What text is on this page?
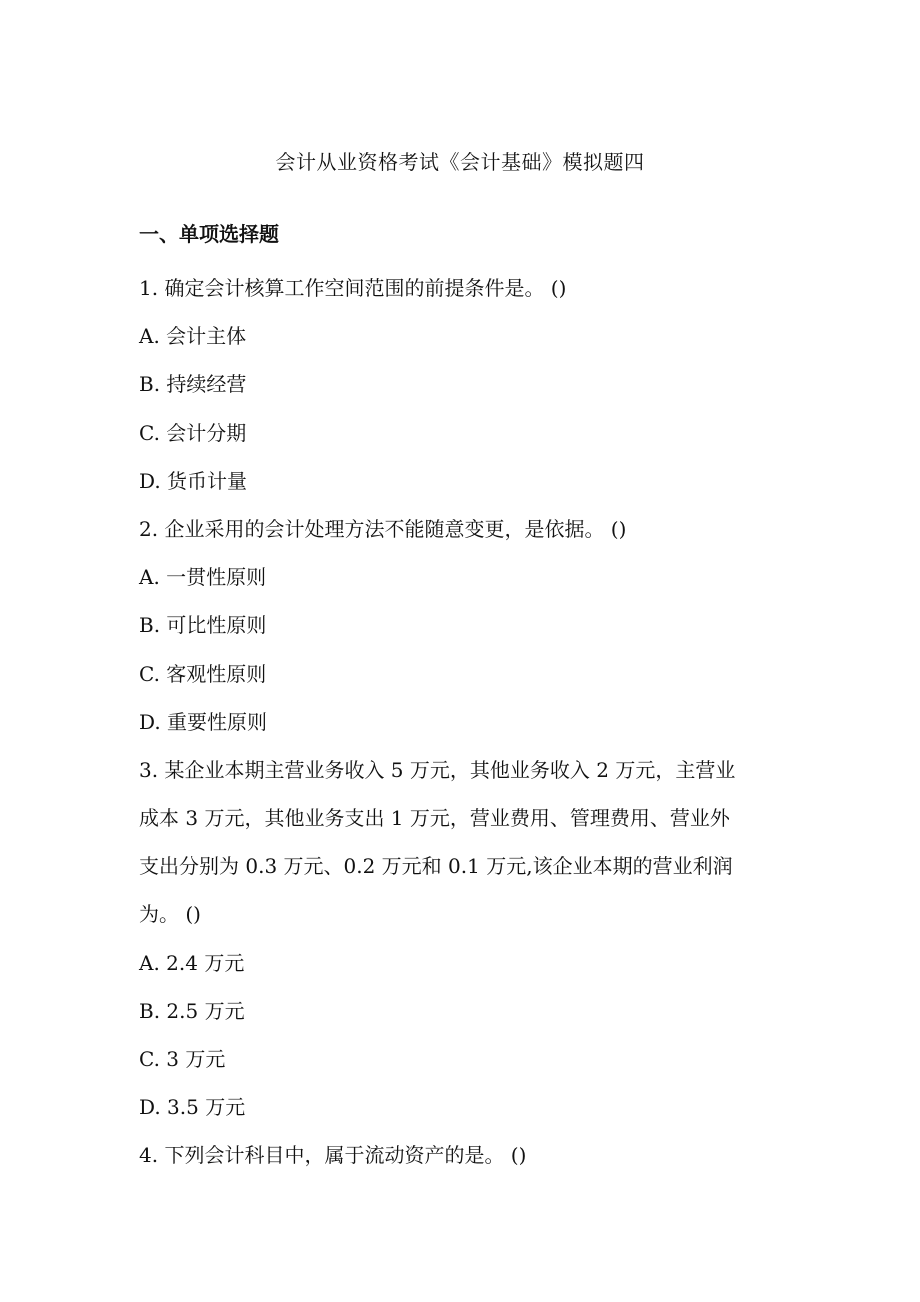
会计从业资格考试《会计基础》模拟题四
一、单项选择题
1. 确定会计核算工作空间范围的前提条件是。 ()
A. 会计主体
B. 持续经营
C. 会计分期
D. 货币计量
2. 企业采用的会计处理方法不能随意变更，是依据。 ()
A. 一贯性原则
B. 可比性原则
C. 客观性原则
D. 重要性原则
3. 某企业本期主营业务收入 5 万元，其他业务收入 2 万元，主营业
成本 3 万元，其他业务支出 1 万元，营业费用、管理费用、营业外
支出分别为 0.3 万元、0.2 万元和 0.1 万元,该企业本期的营业利润
为。 ()
A. 2.4 万元
B. 2.5 万元
C. 3 万元
D. 3.5 万元
4. 下列会计科目中，属于流动资产的是。 ()
